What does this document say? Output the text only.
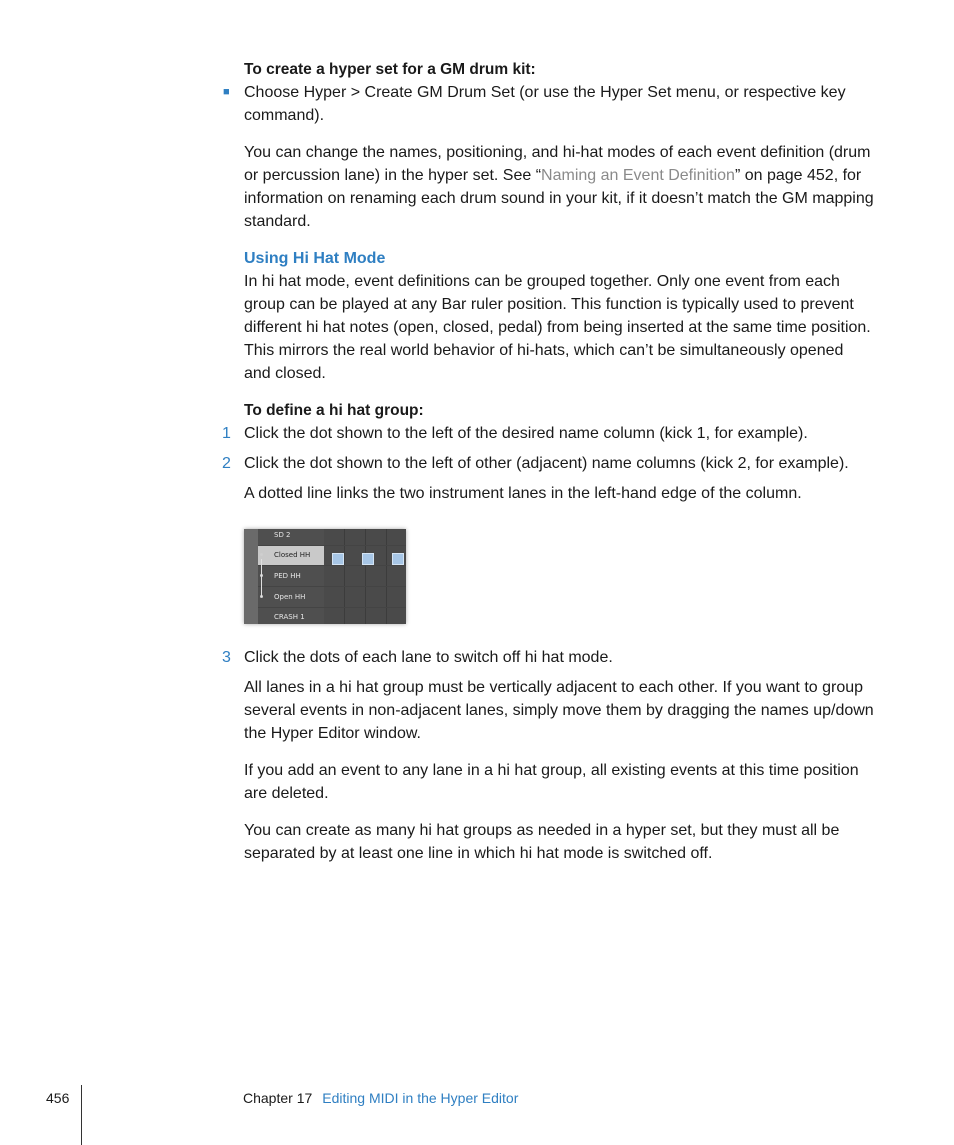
To create a hyper set for a GM drum kit:
■ Choose Hyper > Create GM Drum Set (or use the Hyper Set menu, or respective key command).
You can change the names, positioning, and hi-hat modes of each event definition (drum or percussion lane) in the hyper set. See “Naming an Event Definition” on page 452, for information on renaming each drum sound in your kit, if it doesn’t match the GM mapping standard.
Using Hi Hat Mode
In hi hat mode, event definitions can be grouped together. Only one event from each group can be played at any Bar ruler position. This function is typically used to prevent different hi hat notes (open, closed, pedal) from being inserted at the same time position. This mirrors the real world behavior of hi-hats, which can’t be simultaneously opened and closed.
To define a hi hat group:
1 Click the dot shown to the left of the desired name column (kick 1, for example).
2 Click the dot shown to the left of other (adjacent) name columns (kick 2, for example).
A dotted line links the two instrument lanes in the left-hand edge of the column.
SD 2
Closed HH
PED HH
Open HH
CRASH 1
3 Click the dots of each lane to switch off hi hat mode.
All lanes in a hi hat group must be vertically adjacent to each other. If you want to group several events in non-adjacent lanes, simply move them by dragging the names up/down the Hyper Editor window.
If you add an event to any lane in a hi hat group, all existing events at this time position are deleted.
You can create as many hi hat groups as needed in a hyper set, but they must all be separated by at least one line in which hi hat mode is switched off.
456	Chapter 17 Editing MIDI in the Hyper Editor
